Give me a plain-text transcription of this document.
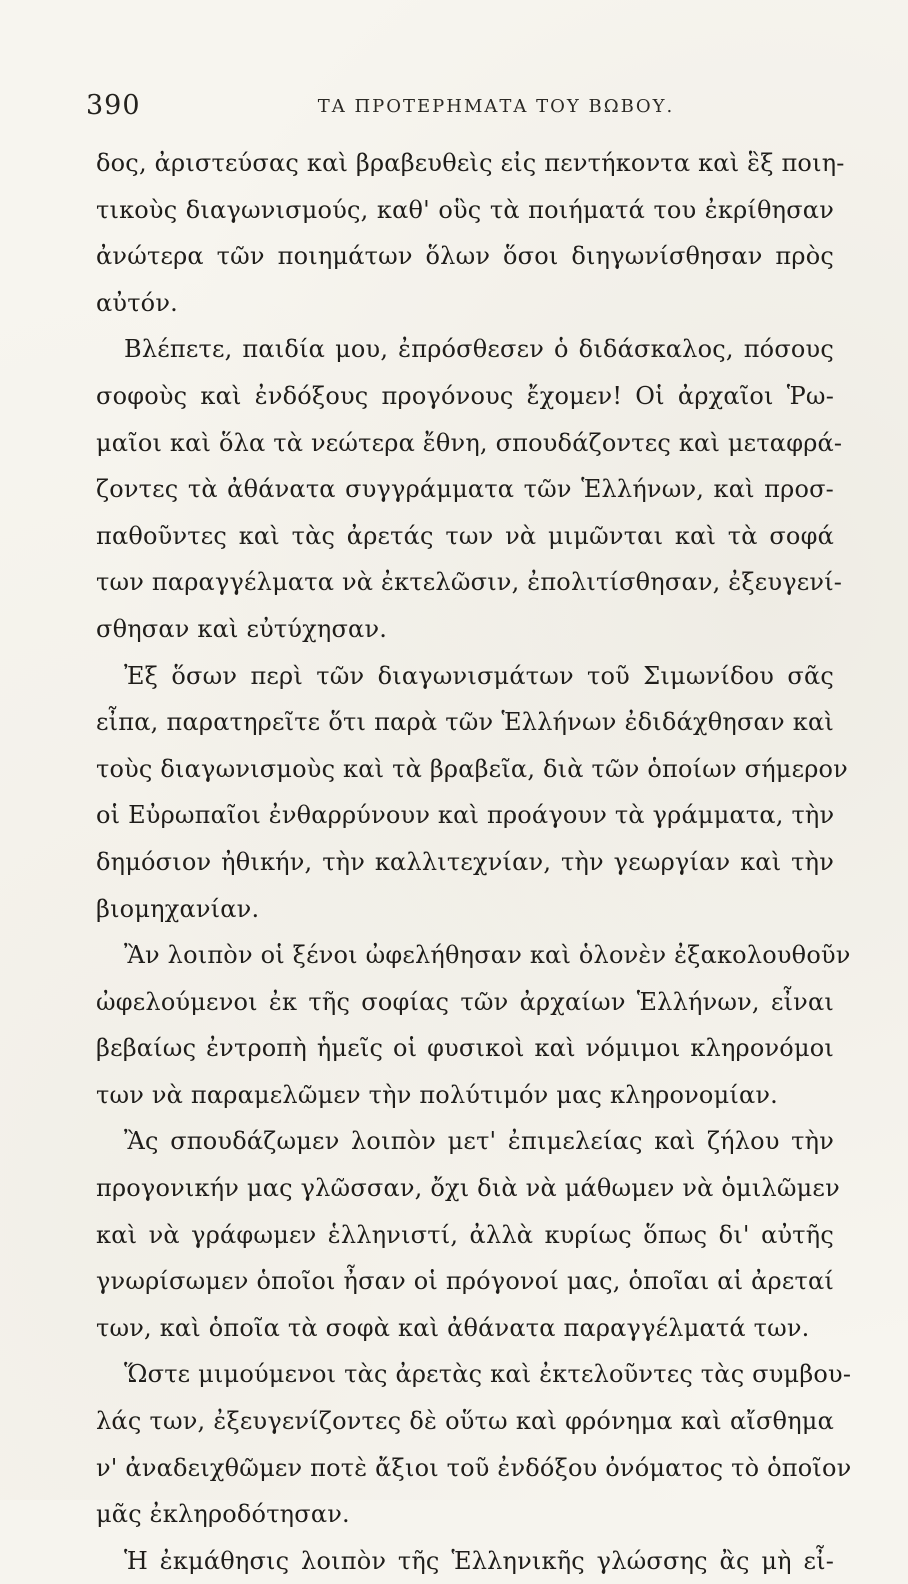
390	ΤΑ ΠΡΟΤΕΡΗΜΑΤΑ ΤΟΥ ΒΩΒΟΥ.
δος, ἀριστεύσας καὶ βραβευθεὶς εἰς πεντήκοντα καὶ ἓξ ποιη-
τικοὺς διαγωνισμούς, καθ' οὓς τὰ ποιήματά του ἐκρίθησαν
ἀνώτερα τῶν ποιημάτων ὅλων ὅσοι διηγωνίσθησαν πρὸς
αὐτόν.
Βλέπετε, παιδία μου, ἐπρόσθεσεν ὁ διδάσκαλος, πόσους
σοφοὺς καὶ ἐνδόξους προγόνους ἔχομεν! Οἱ ἀρχαῖοι Ῥω-
μαῖοι καὶ ὅλα τὰ νεώτερα ἔθνη, σπουδάζοντες καὶ μεταφρά-
ζοντες τὰ ἀθάνατα συγγράμματα τῶν Ἑλλήνων, καὶ προσ-
παθοῦντες καὶ τὰς ἀρετάς των νὰ μιμῶνται καὶ τὰ σοφά
των παραγγέλματα νὰ ἐκτελῶσιν, ἐπολιτίσθησαν, ἐξευγενί-
σθησαν καὶ εὐτύχησαν.
Ἐξ ὅσων περὶ τῶν διαγωνισμάτων τοῦ Σιμωνίδου σᾶς
εἶπα, παρατηρεῖτε ὅτι παρὰ τῶν Ἑλλήνων ἐδιδάχθησαν καὶ
τοὺς διαγωνισμοὺς καὶ τὰ βραβεῖα, διὰ τῶν ὁποίων σήμερον
οἱ Εὐρωπαῖοι ἐνθαρρύνουν καὶ προάγουν τὰ γράμματα, τὴν
δημόσιον ἠθικήν, τὴν καλλιτεχνίαν, τὴν γεωργίαν καὶ τὴν
βιομηχανίαν.
Ἂν λοιπὸν οἱ ξένοι ὠφελήθησαν καὶ ὁλονὲν ἐξακολουθοῦν
ὠφελούμενοι ἐκ τῆς σοφίας τῶν ἀρχαίων Ἑλλήνων, εἶναι
βεβαίως ἐντροπὴ ἡμεῖς οἱ φυσικοὶ καὶ νόμιμοι κληρονόμοι
των νὰ παραμελῶμεν τὴν πολύτιμόν μας κληρονομίαν.
Ἂς σπουδάζωμεν λοιπὸν μετ' ἐπιμελείας καὶ ζήλου τὴν
προγονικήν μας γλῶσσαν, ὄχι διὰ νὰ μάθωμεν νὰ ὁμιλῶμεν
καὶ νὰ γράφωμεν ἑλληνιστί, ἀλλὰ κυρίως ὅπως δι' αὐτῆς
γνωρίσωμεν ὁποῖοι ἦσαν οἱ πρόγονοί μας, ὁποῖαι αἱ ἀρεταί
των, καὶ ὁποῖα τὰ σοφὰ καὶ ἀθάνατα παραγγέλματά των.
Ὥστε μιμούμενοι τὰς ἀρετὰς καὶ ἐκτελοῦντες τὰς συμβου-
λάς των, ἐξευγενίζοντες δὲ οὕτω καὶ φρόνημα καὶ αἴσθημα
ν' ἀναδειχθῶμεν ποτὲ ἄξιοι τοῦ ἐνδόξου ὀνόματος τὸ ὁποῖον
μᾶς ἐκληροδότησαν.
Ἡ ἐκμάθησις λοιπὸν τῆς Ἑλληνικῆς γλώσσης ἂς μὴ εἶ-
